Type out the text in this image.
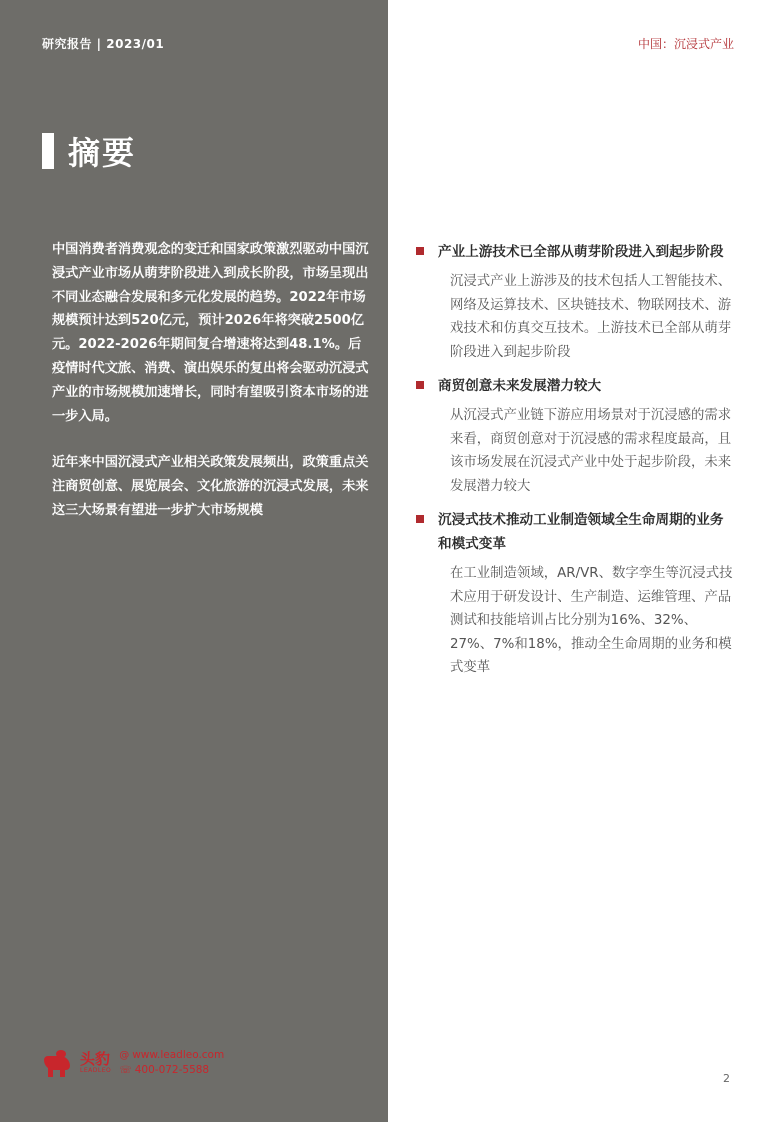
研究报告 | 2023/01
摘要
中国消费者消费观念的变迁和国家政策激烈驱动中国沉浸式产业市场从萌芽阶段进入到成长阶段，市场呈现出不同业态融合发展和多元化发展的趋势。2022年市场规模预计达到520亿元，预计2026年将突破2500亿元。2022-2026年期间复合增速将达到48.1%。后疫情时代文旅、消费、演出娱乐的复出将会驱动沉浸式产业的市场规模加速增长，同时有望吸引资本市场的进一步入局。
近年来中国沉浸式产业相关政策发展频出，政策重点关注商贸创意、展览展会、文化旅游的沉浸式发展，未来这三大场景有望进一步扩大市场规模
头豹
LEADLEO
@ www.leadleo.com
☏ 400-072-5588
中国：沉浸式产业
产业上游技术已全部从萌芽阶段进入到起步阶段
沉浸式产业上游涉及的技术包括人工智能技术、网络及运算技术、区块链技术、物联网技术、游戏技术和仿真交互技术。上游技术已全部从萌芽阶段进入到起步阶段
商贸创意未来发展潜力较大
从沉浸式产业链下游应用场景对于沉浸感的需求来看，商贸创意对于沉浸感的需求程度最高，且该市场发展在沉浸式产业中处于起步阶段，未来发展潜力较大
沉浸式技术推动工业制造领域全生命周期的业务和模式变革
在工业制造领域，AR/VR、数字孪生等沉浸式技术应用于研发设计、生产制造、运维管理、产品测试和技能培训占比分别为16%、32%、27%、7%和18%，推动全生命周期的业务和模式变革
2
